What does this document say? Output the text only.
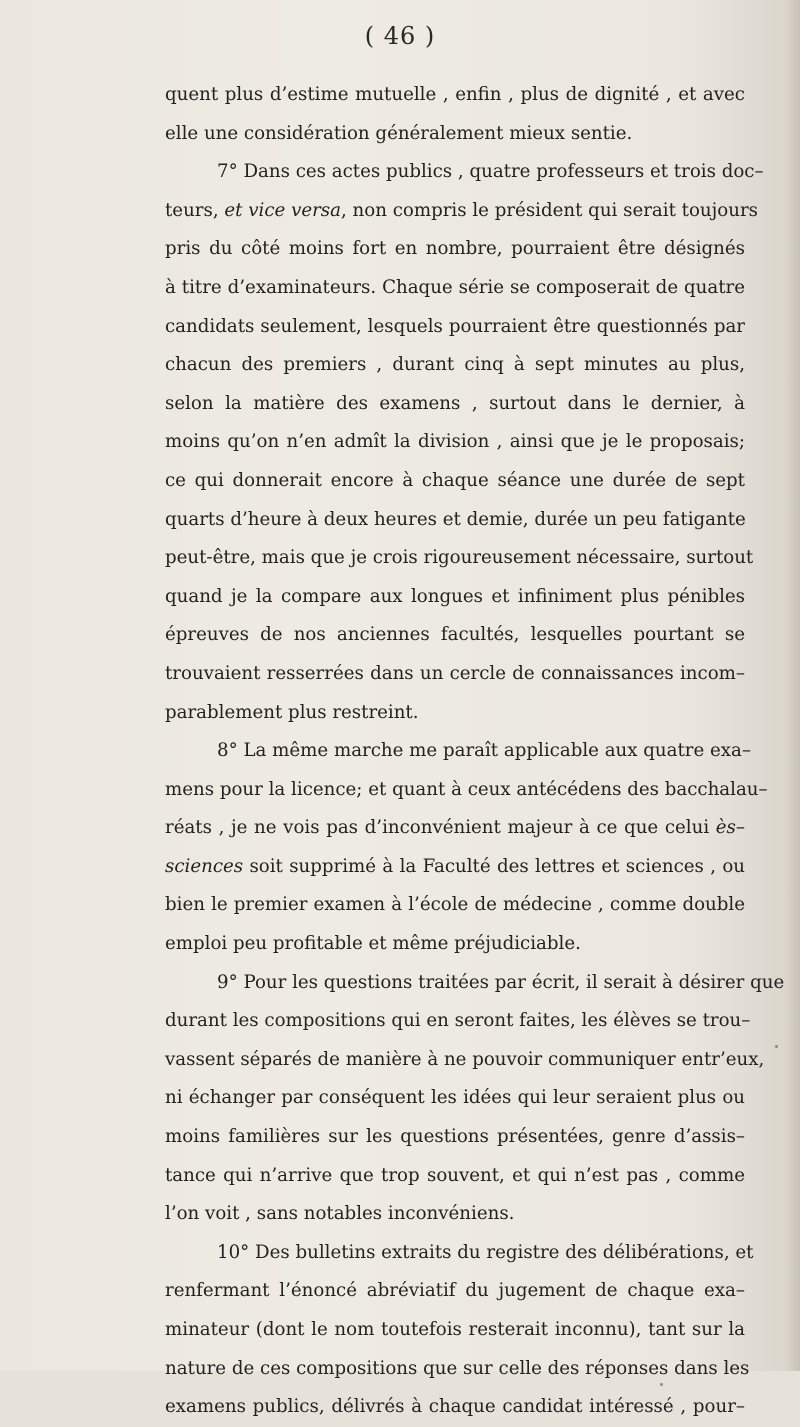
( 46 )
quent plus d’estime mutuelle , enfin , plus de dignité , et avec
elle une considération généralement mieux sentie.
7° Dans ces actes publics , quatre professeurs et trois doc–
teurs, et vice versa, non compris le président qui serait toujours
pris du côté moins fort en nombre, pourraient être désignés
à titre d’examinateurs. Chaque série se composerait de quatre
candidats seulement, lesquels pourraient être questionnés par
chacun des premiers , durant cinq à sept minutes au plus,
selon la matière des examens , surtout dans le dernier, à
moins qu’on n’en admît la division , ainsi que je le proposais;
ce qui donnerait encore à chaque séance une durée de sept
quarts d’heure à deux heures et demie, durée un peu fatigante
peut-être, mais que je crois rigoureusement nécessaire, surtout
quand je la compare aux longues et infiniment plus pénibles
épreuves de nos anciennes facultés, lesquelles pourtant se
trouvaient resserrées dans un cercle de connaissances incom–
parablement plus restreint.
8° La même marche me paraît applicable aux quatre exa–
mens pour la licence; et quant à ceux antécédens des bacchalau–
réats , je ne vois pas d’inconvénient majeur à ce que celui ès–
sciences soit supprimé à la Faculté des lettres et sciences , ou
bien le premier examen à l’école de médecine , comme double
emploi peu profitable et même préjudiciable.
9° Pour les questions traitées par écrit, il serait à désirer que
durant les compositions qui en seront faites, les élèves se trou–
vassent séparés de manière à ne pouvoir communiquer entr’eux,
ni échanger par conséquent les idées qui leur seraient plus ou
moins familières sur les questions présentées, genre d’assis–
tance qui n’arrive que trop souvent, et qui n’est pas , comme
l’on voit , sans notables inconvéniens.
10° Des bulletins extraits du registre des délibérations, et
renfermant l’énoncé abréviatif du jugement de chaque exa–
minateur (dont le nom toutefois resterait inconnu), tant sur la
nature de ces compositions que sur celle des réponses dans les
examens publics, délivrés à chaque candidat intéressé , pour–
